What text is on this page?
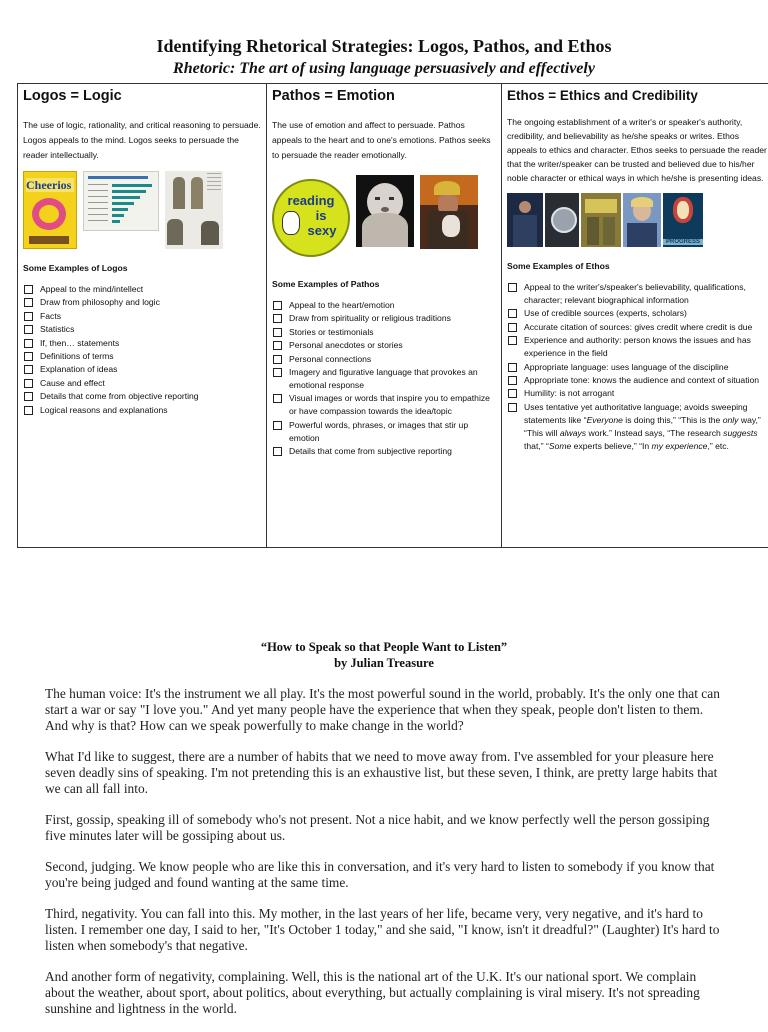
Identifying Rhetorical Strategies: Logos, Pathos, and Ethos
Rhetoric: The art of using language persuasively and effectively
Logos = Logic
The use of logic, rationality, and critical reasoning to persuade. Logos appeals to the mind. Logos seeks to persuade the reader intellectually.
Cheerios
Some Examples of Logos
Appeal to the mind/intellect
Draw from philosophy and logic
Facts
Statistics
If, then… statements
Definitions of terms
Explanation of ideas
Cause and effect
Details that come from objective reporting
Logical reasons and explanations

Pathos = Emotion
The use of emotion and affect to persuade. Pathos appeals to the heart and to one's emotions. Pathos seeks to persuade the reader emotionally.
reading
is
sexy
Some Examples of Pathos
Appeal to the heart/emotion
Draw from spirituality or religious traditions
Stories or testimonials
Personal anecdotes or stories
Personal connections
Imagery and figurative language that provokes an emotional response
Visual images or words that inspire you to empathize or have compassion towards the idea/topic
Powerful words, phrases, or images that stir up emotion
Details that come from subjective reporting

Ethos = Ethics and Credibility
The ongoing establishment of a writer's or speaker's authority, credibility, and believability as he/she speaks or writes. Ethos appeals to ethics and character. Ethos seeks to persuade the reader that the writer/speaker can be trusted and believed due to his/her noble character or ethical ways in which he/she is presenting ideas.
PROGRESS
Some Examples of Ethos
Appeal to the writer's/speaker's believability, qualifications, character; relevant biographical information
Use of credible sources (experts, scholars)
Accurate citation of sources: gives credit where credit is due
Experience and authority: person knows the issues and has experience in the field
Appropriate language: uses language of the discipline
Appropriate tone: knows the audience and context of situation
Humility: is not arrogant
Uses tentative yet authoritative language; avoids sweeping statements like “Everyone is doing this,” “This is the only way,” “This will always work.” Instead says, “The research suggests that,” “Some experts believe,” “In my experience,” etc.
“How to Speak so that People Want to Listen”
by Julian Treasure

The human voice: It's the instrument we all play. It's the most powerful sound in the world, probably. It's the only one that can start a war or say "I love you." And yet many people have the experience that when they speak, people don't listen to them. And why is that? How can we speak powerfully to make change in the world?

What I'd like to suggest, there are a number of habits that we need to move away from. I've assembled for your pleasure here seven deadly sins of speaking. I'm not pretending this is an exhaustive list, but these seven, I think, are pretty large habits that we can all fall into.

First, gossip, speaking ill of somebody who's not present. Not a nice habit, and we know perfectly well the person gossiping five minutes later will be gossiping about us.

Second, judging. We know people who are like this in conversation, and it's very hard to listen to somebody if you know that you're being judged and found wanting at the same time.

Third, negativity. You can fall into this. My mother, in the last years of her life, became very, very negative, and it's hard to listen. I remember one day, I said to her, "It's October 1 today," and she said, "I know, isn't it dreadful?" (Laughter) It's hard to listen when somebody's that negative.

And another form of negativity, complaining. Well, this is the national art of the U.K. It's our national sport. We complain about the weather, about sport, about politics, about everything, but actually complaining is viral misery. It's not spreading sunshine and lightness in the world.
